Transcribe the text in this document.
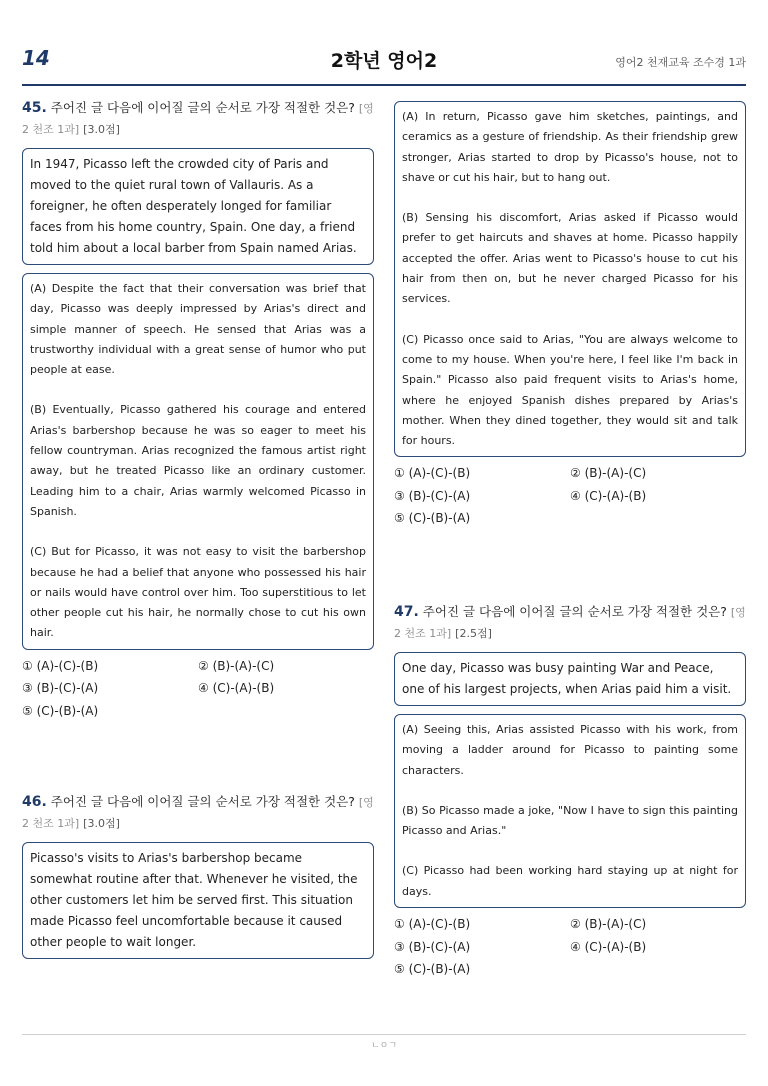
14	2학년 영어2	영어2 천재교육 조수경 1과
45. 주어진 글 다음에 이어질 글의 순서로 가장 적절한 것은? [영2 천조 1과] [3.0점]
In 1947, Picasso left the crowded city of Paris and moved to the quiet rural town of Vallauris. As a foreigner, he often desperately longed for familiar faces from his home country, Spain. One day, a friend told him about a local barber from Spain named Arias.

(A) Despite the fact that their conversation was brief that day, Picasso was deeply impressed by Arias's direct and simple manner of speech. He sensed that Arias was a trustworthy individual with a great sense of humor who put people at ease.

(B) Eventually, Picasso gathered his courage and entered Arias's barbershop because he was so eager to meet his fellow countryman. Arias recognized the famous artist right away, but he treated Picasso like an ordinary customer. Leading him to a chair, Arias warmly welcomed Picasso in Spanish.

(C) But for Picasso, it was not easy to visit the barbershop because he had a belief that anyone who possessed his hair or nails would have control over him. Too superstitious to let other people cut his hair, he normally chose to cut his own hair.

① (A)-(C)-(B)	② (B)-(A)-(C)
③ (B)-(C)-(A)	④ (C)-(A)-(B)
⑤ (C)-(B)-(A)
46. 주어진 글 다음에 이어질 글의 순서로 가장 적절한 것은? [영2 천조 1과] [3.0점]
Picasso's visits to Arias's barbershop became somewhat routine after that. Whenever he visited, the other customers let him be served first. This situation made Picasso feel uncomfortable because it caused other people to wait longer.

(A) In return, Picasso gave him sketches, paintings, and ceramics as a gesture of friendship. As their friendship grew stronger, Arias started to drop by Picasso's house, not to shave or cut his hair, but to hang out.

(B) Sensing his discomfort, Arias asked if Picasso would prefer to get haircuts and shaves at home. Picasso happily accepted the offer. Arias went to Picasso's house to cut his hair from then on, but he never charged Picasso for his services.

(C) Picasso once said to Arias, "You are always welcome to come to my house. When you're here, I feel like I'm back in Spain." Picasso also paid frequent visits to Arias's home, where he enjoyed Spanish dishes prepared by Arias's mother. When they dined together, they would sit and talk for hours.

① (A)-(C)-(B)	② (B)-(A)-(C)
③ (B)-(C)-(A)	④ (C)-(A)-(B)
⑤ (C)-(B)-(A)
47. 주어진 글 다음에 이어질 글의 순서로 가장 적절한 것은? [영2 천조 1과] [2.5점]
One day, Picasso was busy painting War and Peace, one of his largest projects, when Arias paid him a visit.

(A) Seeing this, Arias assisted Picasso with his work, from moving a ladder around for Picasso to painting some characters.

(B) So Picasso made a joke, "Now I have to sign this painting Picasso and Arias."

(C) Picasso had been working hard staying up at night for days.

① (A)-(C)-(B)	② (B)-(A)-(C)
③ (B)-(C)-(A)	④ (C)-(A)-(B)
⑤ (C)-(B)-(A)
ㄴㅇㄱ
